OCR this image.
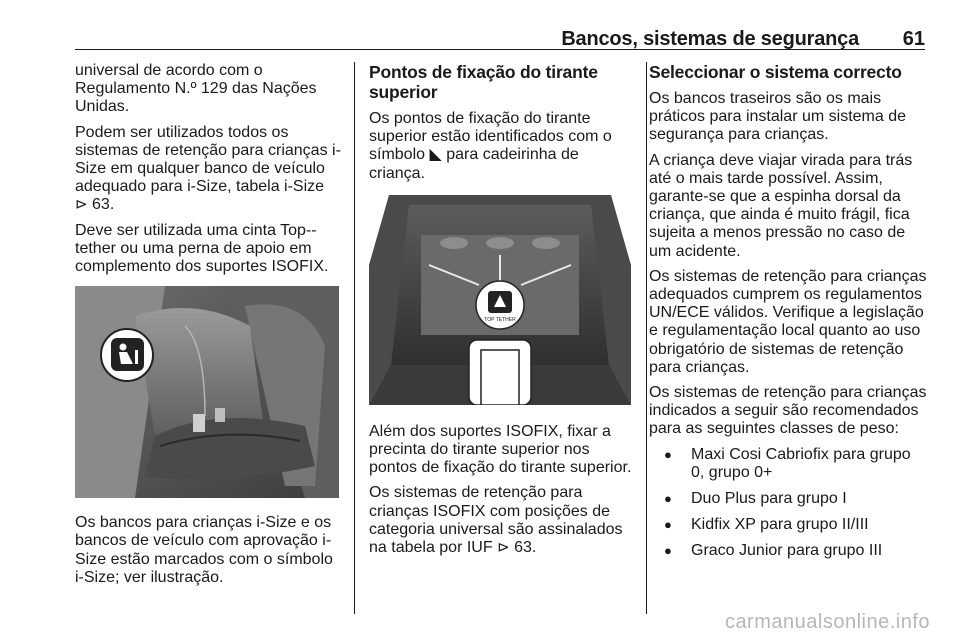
Bancos, sistemas de segurança 61

universal de acordo com o Regulamento N.º 129 das Nações Unidas.

Podem ser utilizados todos os sistemas de retenção para crianças i-Size em qualquer banco de veículo adequado para i-Size, tabela i-Size
⊳ 63.

Deve ser utilizada uma cinta Top--tether ou uma perna de apoio em complemento dos suportes ISOFIX.

Os bancos para crianças i-Size e os bancos de veículo com aprovação i-Size estão marcados com o símbolo i-Size; ver ilustração.

Pontos de fixação do tirante superior

Os pontos de fixação do tirante superior estão identificados com o símbolo ◣ para cadeirinha de criança.

TOP TETHER

Além dos suportes ISOFIX, fixar a precinta do tirante superior nos pontos de fixação do tirante superior.

Os sistemas de retenção para crianças ISOFIX com posições de categoria universal são assinalados na tabela por IUF ⊳ 63.

Seleccionar o sistema correcto

Os bancos traseiros são os mais práticos para instalar um sistema de segurança para crianças.

A criança deve viajar virada para trás até o mais tarde possível. Assim, garante-se que a espinha dorsal da criança, que ainda é muito frágil, fica sujeita a menos pressão no caso de um acidente.

Os sistemas de retenção para crianças adequados cumprem os regulamentos UN/ECE válidos. Verifique a legislação e regulamentação local quanto ao uso obrigatório de sistemas de retenção para crianças.

Os sistemas de retenção para crianças indicados a seguir são recomendados para as seguintes classes de peso:

● Maxi Cosi Cabriofix para grupo 0, grupo 0+
● Duo Plus para grupo I
● Kidfix XP para grupo II/III
● Graco Junior para grupo III
carmanualsonline.info
